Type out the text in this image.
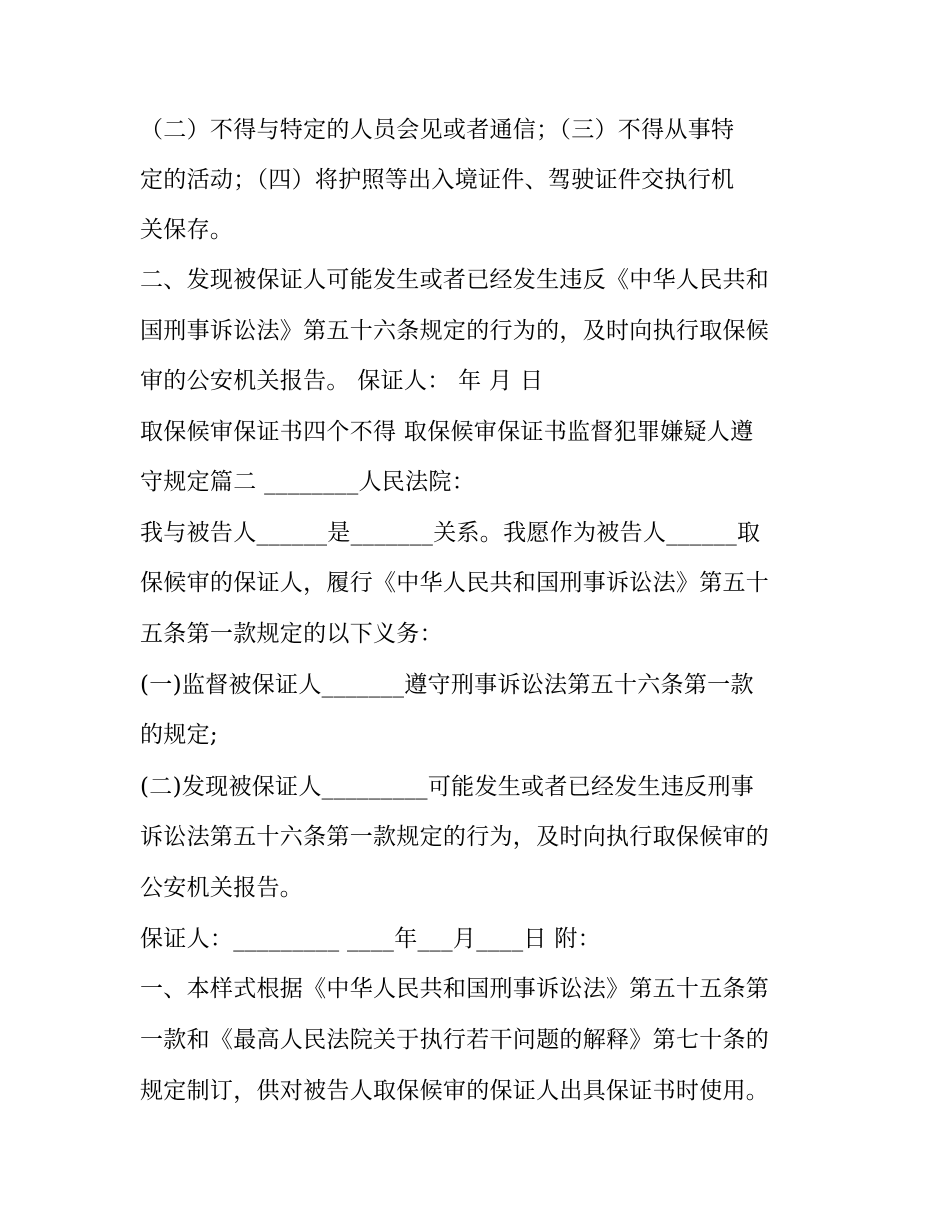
（二）不得与特定的人员会见或者通信；（三）不得从事特
定的活动；（四）将护照等出入境证件、驾驶证件交执行机
关保存。
二、发现被保证人可能发生或者已经发生违反《中华人民共和
国刑事诉讼法》第五十六条规定的行为的，及时向执行取保候
审的公安机关报告。 保证人： 年 月 日
取保候审保证书四个不得 取保候审保证书监督犯罪嫌疑人遵
守规定篇二 ________人民法院：
我与被告人______是_______关系。我愿作为被告人______取
保候审的保证人，履行《中华人民共和国刑事诉讼法》第五十
五条第一款规定的以下义务：
(一)监督被保证人_______遵守刑事诉讼法第五十六条第一款
的规定;
(二)发现被保证人_________可能发生或者已经发生违反刑事
诉讼法第五十六条第一款规定的行为，及时向执行取保候审的
公安机关报告。
保证人：_________ ____年___月____日 附：
一、本样式根据《中华人民共和国刑事诉讼法》第五十五条第
一款和《最高人民法院关于执行若干问题的解释》第七十条的
规定制订，供对被告人取保候审的保证人出具保证书时使用。
